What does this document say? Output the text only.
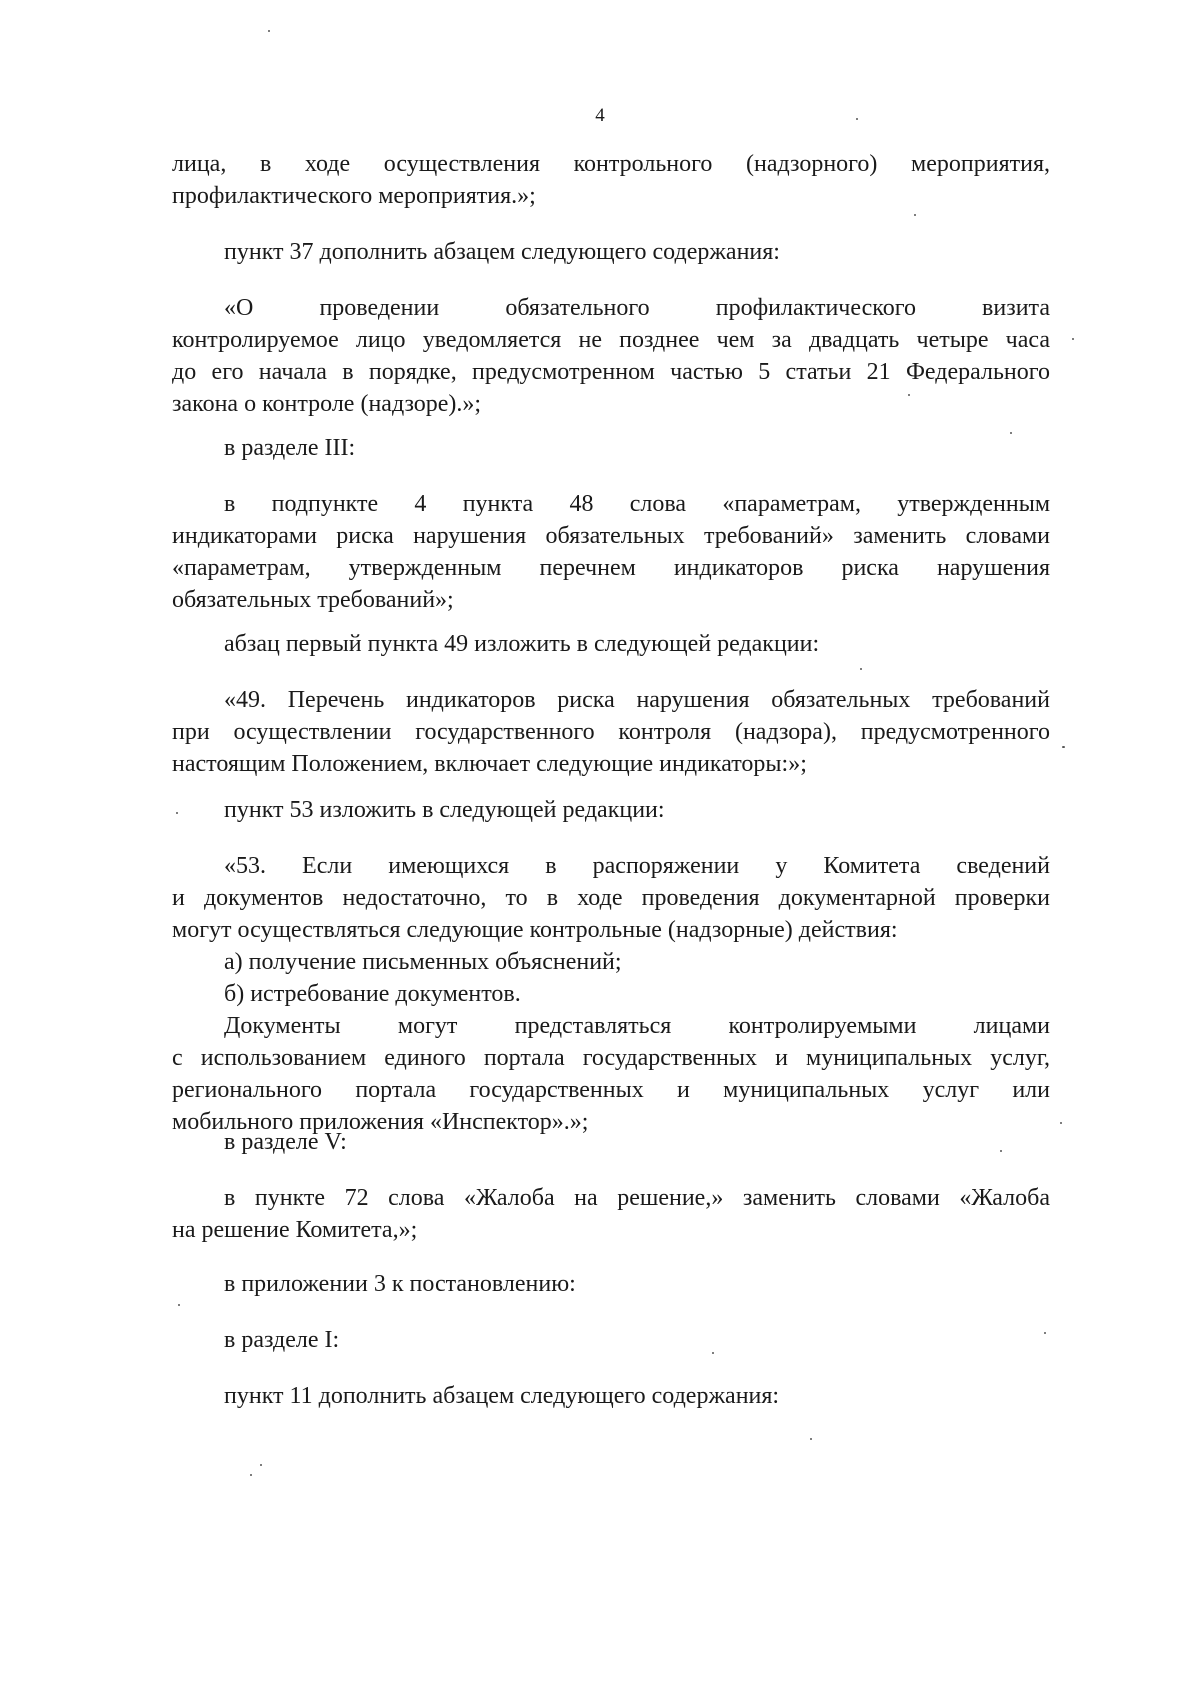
4
лица, в ходе осуществления контрольного (надзорного) мероприятия,
профилактического мероприятия.»;

пункт 37 дополнить абзацем следующего содержания:

«О проведении обязательного профилактического визита
контролируемое лицо уведомляется не позднее чем за двадцать четыре часа
до его начала в порядке, предусмотренном частью 5 статьи 21 Федерального
закона о контроле (надзоре).»;

в разделе III:

в подпункте 4 пункта 48 слова «параметрам, утвержденным
индикаторами риска нарушения обязательных требований» заменить словами
«параметрам, утвержденным перечнем индикаторов риска нарушения
обязательных требований»;

абзац первый пункта 49 изложить в следующей редакции:

«49. Перечень индикаторов риска нарушения обязательных требований
при осуществлении государственного контроля (надзора), предусмотренного
настоящим Положением, включает следующие индикаторы:»;

пункт 53 изложить в следующей редакции:

«53. Если имеющихся в распоряжении у Комитета сведений
и документов недостаточно, то в ходе проведения документарной проверки
могут осуществляться следующие контрольные (надзорные) действия:
а) получение письменных объяснений;
б) истребование документов.
Документы могут представляться контролируемыми лицами
с использованием единого портала государственных и муниципальных услуг,
регионального портала государственных и муниципальных услуг или
мобильного приложения «Инспектор».»;

в разделе V:

в пункте 72 слова «Жалоба на решение,» заменить словами «Жалоба
на решение Комитета,»;

в приложении 3 к постановлению:

в разделе I:

пункт 11 дополнить абзацем следующего содержания:
